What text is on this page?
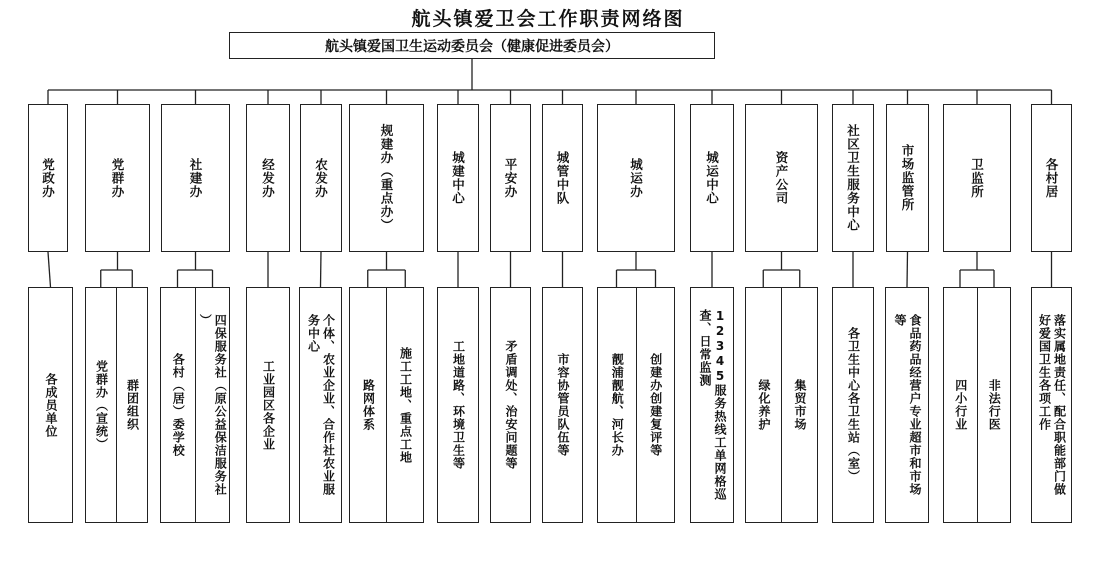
航头镇爱卫会工作职责网络图
航头镇爱国卫生运动委员会（健康促进委员会）
党政办
各成员单位
党群办
党群办（宣统） 群团组织
社建办
各村（居）委学校	四保服务社（原公益保洁服务社
）
经发办
工业园区各企业
农发办
个体、农业企业、合作社农业服
务中心
规建办（重点办）
路网体系 施工工地、重点工地
城建中心
工地道路、环境卫生等
平安办
矛盾调处、治安问题等
城管中队
市容协管员队伍等
城运办
靓浦靓航、河长办 创建办创建复评等
城运中心
12345服务热线工单网格巡
查、日常监测
资产公司
绿化养护 集贸市场
社区卫生服务中心
各卫生中心各卫生站（室）
市场监管所
食品药品经营户专业超市和市场
等
卫监所
四小行业 非法行医
各村居
落实属地责任、配合职能部门做
好爱国卫生各项工作
